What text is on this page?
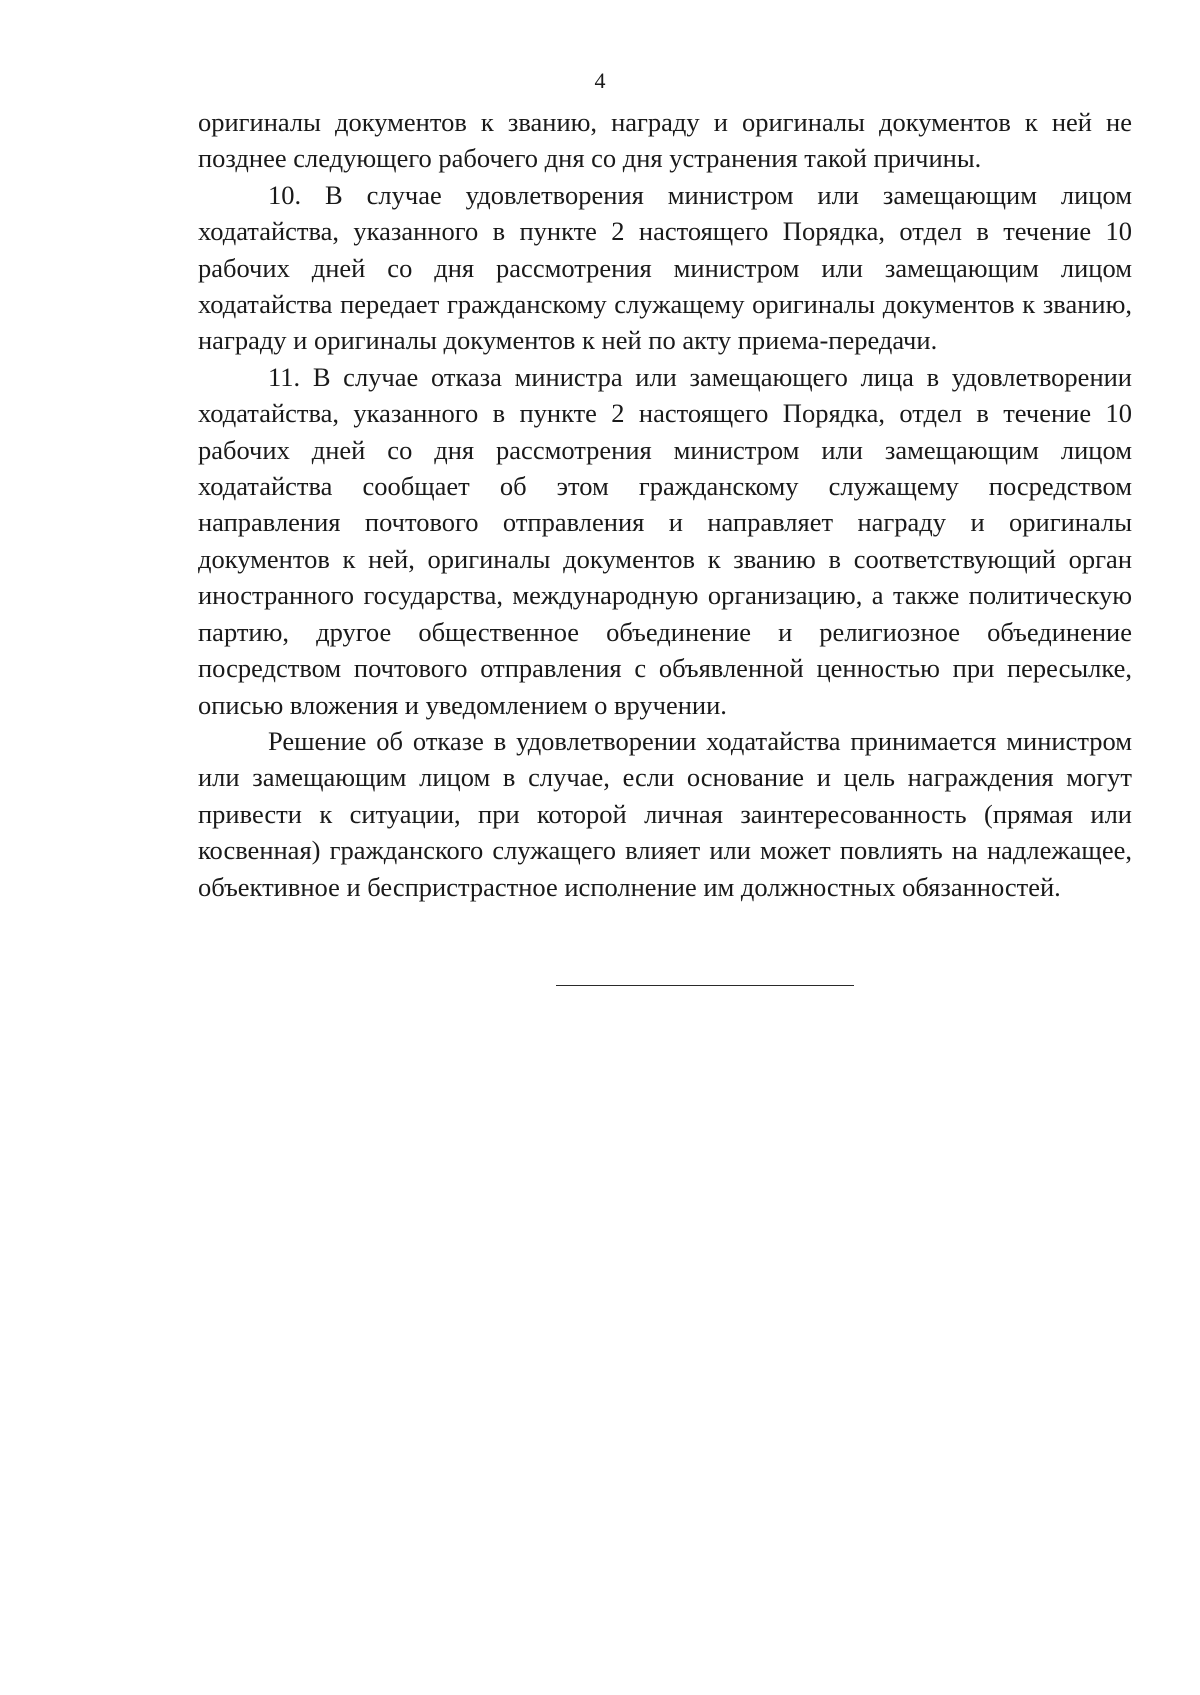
4

оригиналы документов к званию, награду и оригиналы документов к ней не позднее следующего рабочего дня со дня устранения такой причины.

10. В случае удовлетворения министром или замещающим лицом ходатайства, указанного в пункте 2 настоящего Порядка, отдел в течение 10 рабочих дней со дня рассмотрения министром или замещающим лицом ходатайства передает гражданскому служащему оригиналы документов к званию, награду и оригиналы документов к ней по акту приема-передачи.

11. В случае отказа министра или замещающего лица в удовлетворении ходатайства, указанного в пункте 2 настоящего Порядка, отдел в течение 10 рабочих дней со дня рассмотрения министром или замещающим лицом ходатайства сообщает об этом гражданскому служащему посредством направления почтового отправления и направляет награду и оригиналы документов к ней, оригиналы документов к званию в соответствующий орган иностранного государства, международную организацию, а также политическую партию, другое общественное объединение и религиозное объединение посредством почтового отправления с объявленной ценностью при пересылке, описью вложения и уведомлением о вручении.

Решение об отказе в удовлетворении ходатайства принимается министром или замещающим лицом в случае, если основание и цель награждения могут привести к ситуации, при которой личная заинтересованность (прямая или косвенная) гражданского служащего влияет или может повлиять на надлежащее, объективное и беспристрастное исполнение им должностных обязанностей.
